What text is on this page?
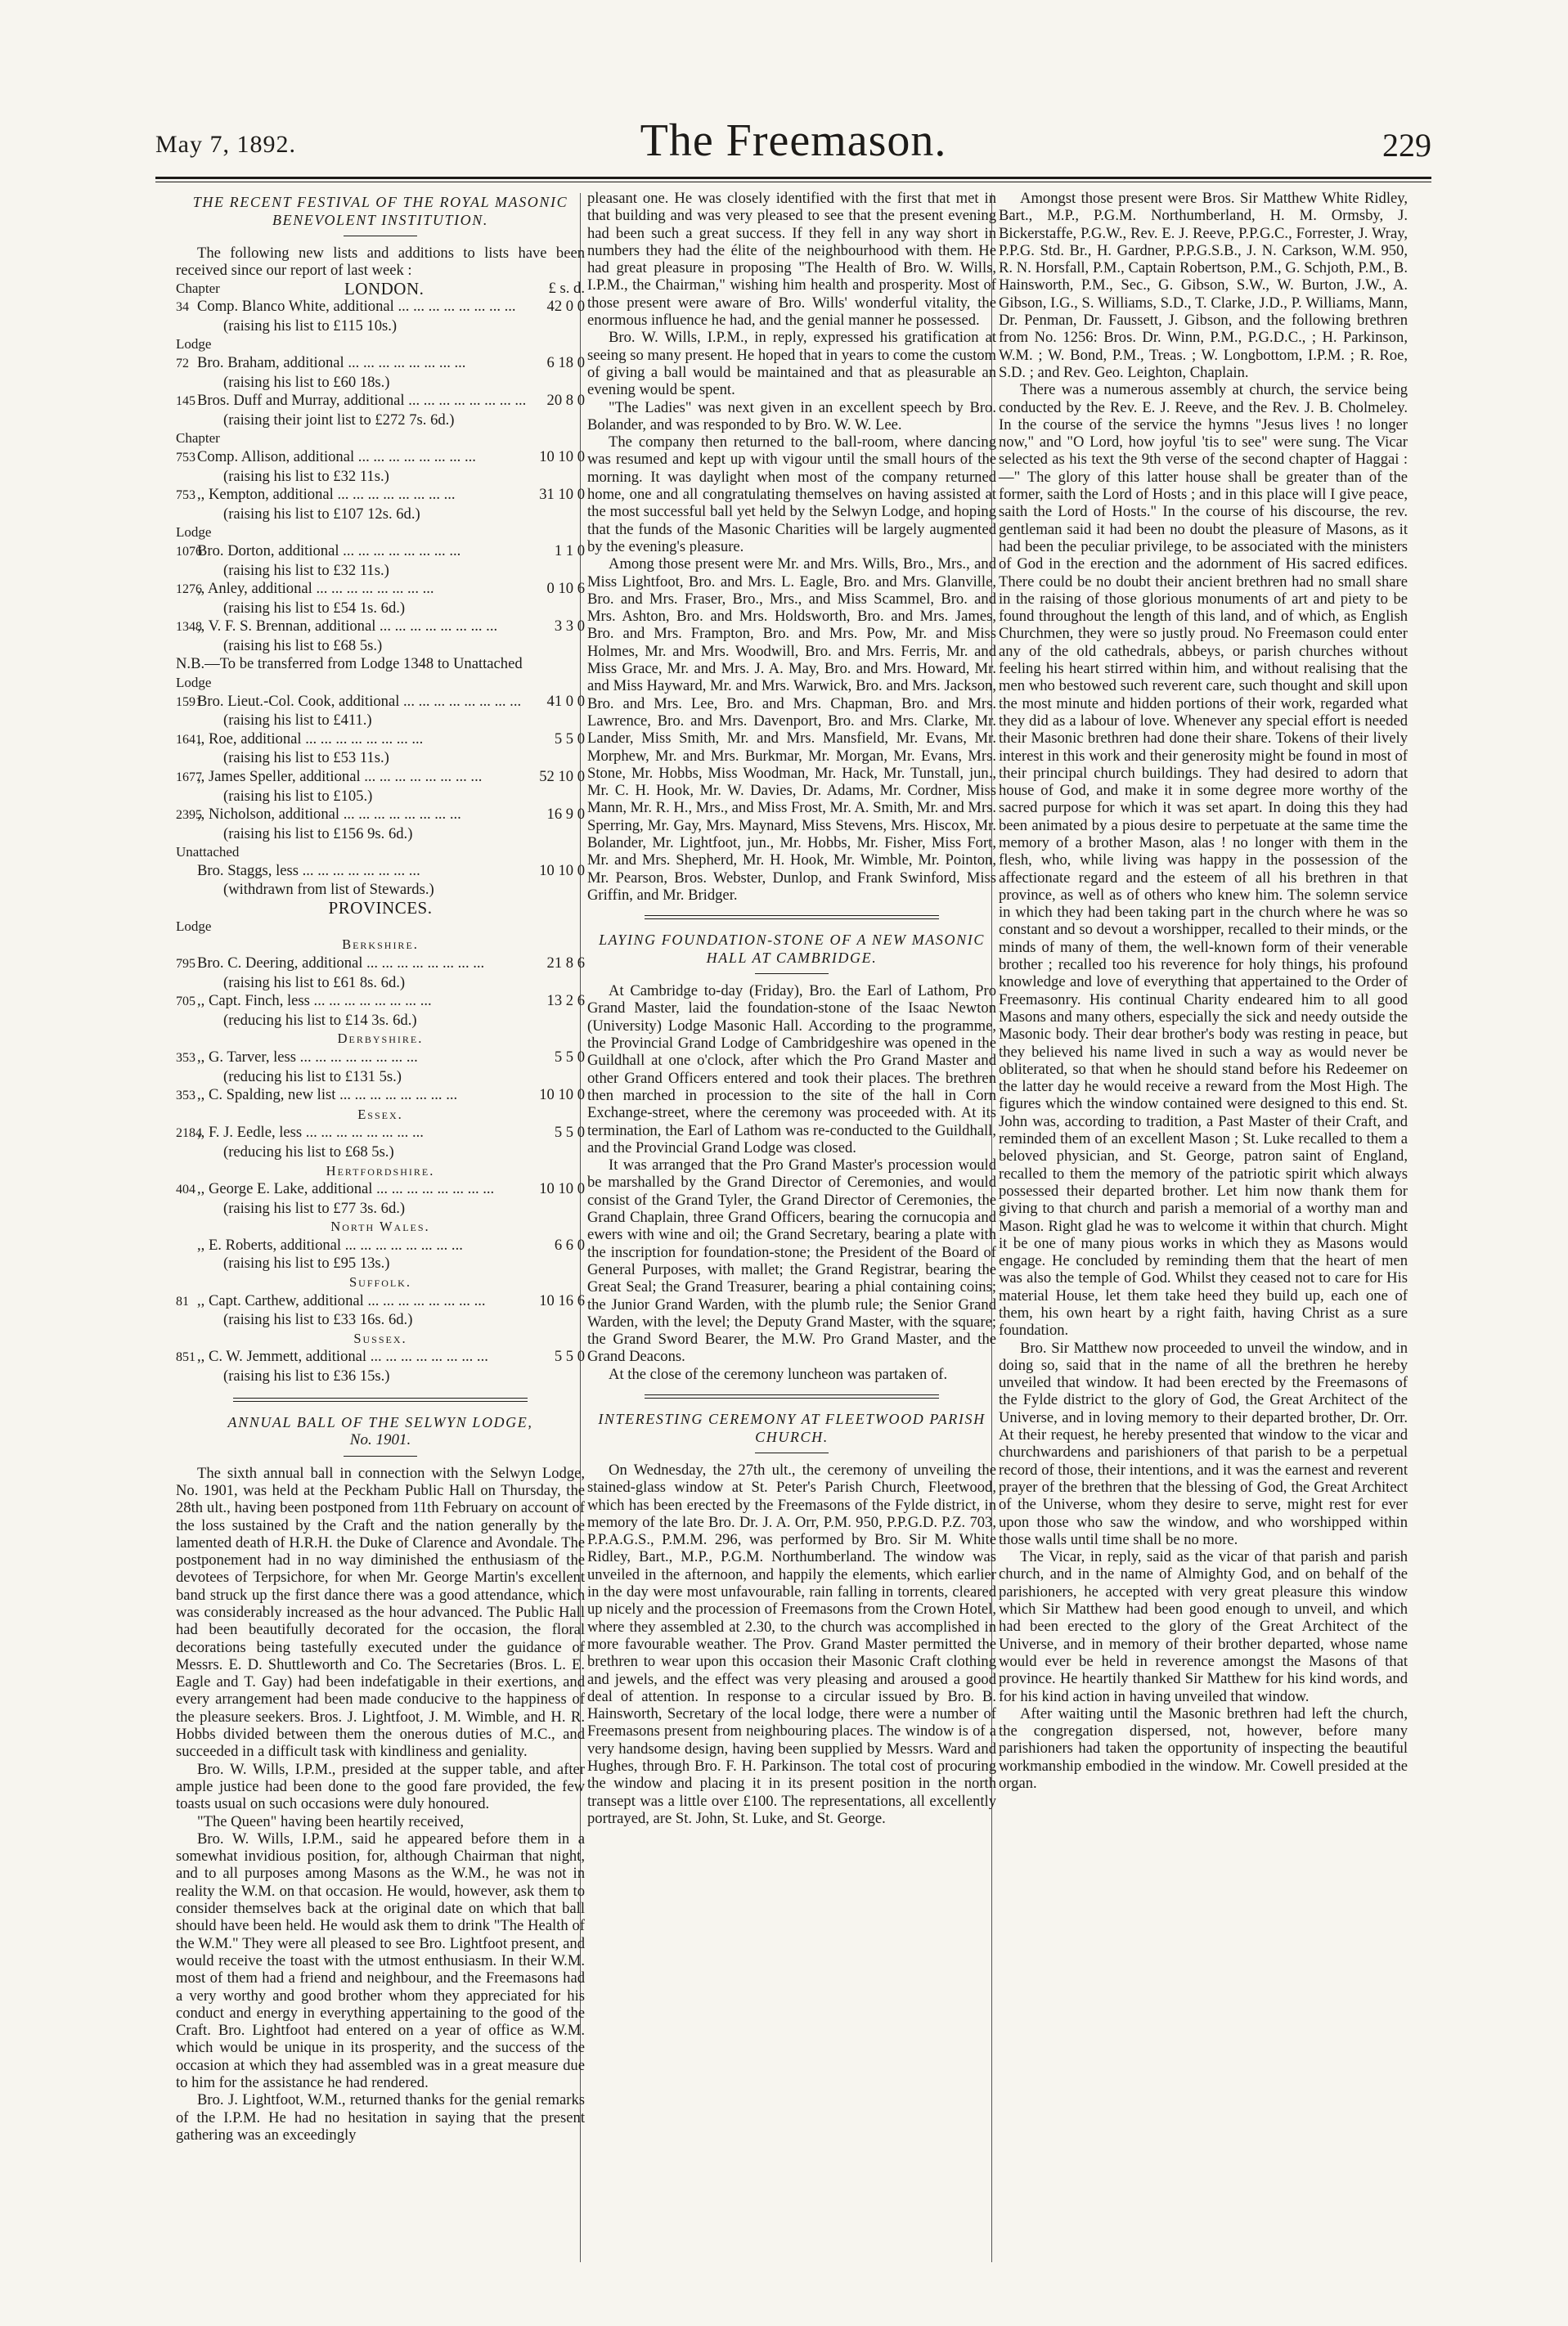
May 7, 1892.	The Freemason.	229
THE RECENT FESTIVAL OF THE ROYAL MASONIC BENEVOLENT INSTITUTION.

The following new lists and additions to lists have been received since our report of last week :

Chapter	LONDON.	£ s. d.
34 Comp. Blanco White, additional ... .	42 0 0
(raising his list to £115 10s.)
Lodge
72 Bro. Braham, additional ... .	6 18 0
(raising his list to £60 18s.)
145 Bros. Duff and Murray, additional ... .	20 8 0
(raising their joint list to £272 7s. 6d.)
Chapter
753 Comp. Allison, additional ... .	10 10 0
(raising his list to £32 11s.)
753 ,, Kempton, additional ... .	31 10 0
(raising his list to £107 12s. 6d.)
Lodge
1076
Bro. Dorton, additional ... .	1 1 0
(raising his list to £32 11s.)
1276
,, Anley, additional ... .	0 10 6
(raising his list to £54 1s. 6d.)
1348
,, V. F. S. Brennan, additional ... .	3 3 0
(raising his list to £68 5s.)
N.B.—To be transferred from Lodge 1348 to Unattached
Lodge
1591
Bro. Lieut.-Col. Cook, additional ... .	41 0 0
(raising his list to £411.)
1641
,, Roe, additional ... .	5 5 0
(raising his list to £53 11s.)
1677
,, James Speller, additional ... .	52 10 0
(raising his list to £105.)
2395
,, Nicholson, additional ... .	16 9 0
(raising his list to £156 9s. 6d.)
Unattached
Bro. Staggs, less ... .	10 10 0
(withdrawn from list of Stewards.)
PROVINCES.
Lodge
Berkshire.
795 Bro. C. Deering, additional ... .	21 8 6
(raising his list to £61 8s. 6d.)
705 ,, Capt. Finch, less ... .	13 2 6
(reducing his list to £14 3s. 6d.)
Derbyshire.
353 ,, G. Tarver, less ... .	5 5 0
(reducing his list to £131 5s.)
353 ,, C. Spalding, new list ... .	10 10 0
Essex.
2184
,, F. J. Eedle, less ... .	5 5 0
(reducing his list to £68 5s.)
Hertfordshire.
404 ,, George E. Lake, additional ... .	10 10 0
(raising his list to £77 3s. 6d.)
North Wales.
,, E. Roberts, additional ... .	6 6 0
(raising his list to £95 13s.)
Suffolk.
81 ,, Capt. Carthew, additional ... .	10 16 6
(raising his list to £33 16s. 6d.)
Sussex.
851 ,, C. W. Jemmett, additional ... .	5 5 0
(raising his list to £36 15s.)
ANNUAL BALL OF THE SELWYN LODGE,
No. 1901.

The sixth annual ball in connection with the Selwyn Lodge, No. 1901, was held at the Peckham Public Hall on Thursday, the 28th ult., having been postponed from 11th February on account of the loss sustained by the Craft and the nation generally by the lamented death of H.R.H. the Duke of Clarence and Avondale. The postponement had in no way diminished the enthusiasm of the devotees of Terpsichore, for when Mr. George Martin's excellent band struck up the first dance there was a good attendance, which was considerably increased as the hour advanced. The Public Hall had been beautifully decorated for the occasion, the floral decorations being tastefully executed under the guidance of Messrs. E. D. Shuttleworth and Co. The Secretaries (Bros. L. E. Eagle and T. Gay) had been indefatigable in their exertions, and every arrangement had been made conducive to the happiness of the pleasure seekers. Bros. J. Lightfoot, J. M. Wimble, and H. R. Hobbs divided between them the onerous duties of M.C., and succeeded in a difficult task with kindliness and geniality.

Bro. W. Wills, I.P.M., presided at the supper table, and after ample justice had been done to the good fare provided, the few toasts usual on such occasions were duly honoured.

"The Queen" having been heartily received,

Bro. W. Wills, I.P.M., said he appeared before them in a somewhat invidious position, for, although Chairman that night, and to all purposes among Masons as the W.M., he was not in reality the W.M. on that occasion. He would, however, ask them to consider themselves back at the original date on which that ball should have been held. He would ask them to drink "The Health of the W.M." They were all pleased to see Bro. Lightfoot present, and would receive the toast with the utmost enthusiasm. In their W.M. most of them had a friend and neighbour, and the Freemasons had a very worthy and good brother whom they appreciated for his conduct and energy in everything appertaining to the good of the Craft. Bro. Lightfoot had entered on a year of office as W.M. which would be unique in its prosperity, and the success of the occasion at which they had assembled was in a great measure due to him for the assistance he had rendered.

Bro. J. Lightfoot, W.M., returned thanks for the genial remarks of the I.P.M. He had no hesitation in saying that the present gathering was an exceedingly

pleasant one. He was closely identified with the first that met in that building and was very pleased to see that the present evening had been such a great success. If they fell in any way short in numbers they had the élite of the neighbourhood with them. He had great pleasure in proposing "The Health of Bro. W. Wills, I.P.M., the Chairman," wishing him health and prosperity. Most of those present were aware of Bro. Wills' wonderful vitality, the enormous influence he had, and the genial manner he possessed.

Bro. W. Wills, I.P.M., in reply, expressed his gratification at seeing so many present. He hoped that in years to come the custom of giving a ball would be maintained and that as pleasurable an evening would be spent.

"The Ladies" was next given in an excellent speech by Bro. Bolander, and was responded to by Bro. W. W. Lee.

The company then returned to the ball-room, where dancing was resumed and kept up with vigour until the small hours of the morning. It was daylight when most of the company returned home, one and all congratulating themselves on having assisted at the most successful ball yet held by the Selwyn Lodge, and hoping that the funds of the Masonic Charities will be largely augmented by the evening's pleasure.

Among those present were Mr. and Mrs. Wills, Bro., Mrs., and Miss Lightfoot, Bro. and Mrs. L. Eagle, Bro. and Mrs. Glanville, Bro. and Mrs. Fraser, Bro., Mrs., and Miss Scammel, Bro. and Mrs. Ashton, Bro. and Mrs. Holdsworth, Bro. and Mrs. James, Bro. and Mrs. Frampton, Bro. and Mrs. Pow, Mr. and Miss Holmes, Mr. and Mrs. Woodwill, Bro. and Mrs. Ferris, Mr. and Miss Grace, Mr. and Mrs. J. A. May, Bro. and Mrs. Howard, Mr. and Miss Hayward, Mr. and Mrs. Warwick, Bro. and Mrs. Jackson, Bro. and Mrs. Lee, Bro. and Mrs. Chapman, Bro. and Mrs. Lawrence, Bro. and Mrs. Davenport, Bro. and Mrs. Clarke, Mr. Lander, Miss Smith, Mr. and Mrs. Mansfield, Mr. Evans, Mr. Morphew, Mr. and Mrs. Burkmar, Mr. Morgan, Mr. Evans, Mrs. Stone, Mr. Hobbs, Miss Woodman, Mr. Hack, Mr. Tunstall, jun., Mr. C. H. Hook, Mr. W. Davies, Dr. Adams, Mr. Cordner, Miss Mann, Mr. R. H., Mrs., and Miss Frost, Mr. A. Smith, Mr. and Mrs. Sperring, Mr. Gay, Mrs. Maynard, Miss Stevens, Mrs. Hiscox, Mr. Bolander, Mr. Lightfoot, jun., Mr. Hobbs, Mr. Fisher, Miss Fort, Mr. and Mrs. Shepherd, Mr. H. Hook, Mr. Wimble, Mr. Pointon, Mr. Pearson, Bros. Webster, Dunlop, and Frank Swinford, Miss Griffin, and Mr. Bridger.

LAYING FOUNDATION-STONE OF A NEW MASONIC HALL AT CAMBRIDGE.

At Cambridge to-day (Friday), Bro. the Earl of Lathom, Pro Grand Master, laid the foundation-stone of the Isaac Newton (University) Lodge Masonic Hall. According to the programme, the Provincial Grand Lodge of Cambridgeshire was opened in the Guildhall at one o'clock, after which the Pro Grand Master and other Grand Officers entered and took their places. The brethren then marched in procession to the site of the hall in Corn Exchange-street, where the ceremony was proceeded with. At its termination, the Earl of Lathom was re-conducted to the Guildhall, and the Provincial Grand Lodge was closed.

It was arranged that the Pro Grand Master's procession would be marshalled by the Grand Director of Ceremonies, and would consist of the Grand Tyler, the Grand Director of Ceremonies, the Grand Chaplain, three Grand Officers, bearing the cornucopia and ewers with wine and oil; the Grand Secretary, bearing a plate with the inscription for foundation-stone; the President of the Board of General Purposes, with mallet; the Grand Registrar, bearing the Great Seal; the Grand Treasurer, bearing a phial containing coins; the Junior Grand Warden, with the plumb rule; the Senior Grand Warden, with the level; the Deputy Grand Master, with the square; the Grand Sword Bearer, the M.W. Pro Grand Master, and the Grand Deacons.

At the close of the ceremony luncheon was partaken of.

INTERESTING CEREMONY AT FLEETWOOD PARISH CHURCH.

On Wednesday, the 27th ult., the ceremony of unveiling the stained-glass window at St. Peter's Parish Church, Fleetwood, which has been erected by the Freemasons of the Fylde district, in memory of the late Bro. Dr. J. A. Orr, P.M. 950, P.P.G.D. P.Z. 703, P.P.A.G.S., P.M.M. 296, was performed by Bro. Sir M. White Ridley, Bart., M.P., P.G.M. Northumberland. The window was unveiled in the afternoon, and happily the elements, which earlier in the day were most unfavourable, rain falling in torrents, cleared up nicely and the procession of Freemasons from the Crown Hotel, where they assembled at 2.30, to the church was accomplished in more favourable weather. The Prov. Grand Master permitted the brethren to wear upon this occasion their Masonic Craft clothing and jewels, and the effect was very pleasing and aroused a good deal of attention. In response to a circular issued by Bro. B. Hainsworth, Secretary of the local lodge, there were a number of Freemasons present from neighbouring places. The window is of a very handsome design, having been supplied by Messrs. Ward and Hughes, through Bro. F. H. Parkinson. The total cost of procuring the window and placing it in its present position in the north transept was a little over £100. The representations, all excellently portrayed, are St. John, St. Luke, and St. George.

Amongst those present were Bros. Sir Matthew White Ridley, Bart., M.P., P.G.M. Northumberland, H. M. Ormsby, J. Bickerstaffe, P.G.W., Rev. E. J. Reeve, P.P.G.C., Forrester, J. Wray, P.P.G. Std. Br., H. Gardner, P.P.G.S.B., J. N. Carkson, W.M. 950, R. N. Horsfall, P.M., Captain Robertson, P.M., G. Schjoth, P.M., B. Hainsworth, P.M., Sec., G. Gibson, S.W., W. Burton, J.W., A. Gibson, I.G., S. Williams, S.D., T. Clarke, J.D., P. Williams, Mann, Dr. Penman, Dr. Faussett, J. Gibson, and the following brethren from No. 1256: Bros. Dr. Winn, P.M., P.G.D.C., ; H. Parkinson, W.M. ; W. Bond, P.M., Treas. ; W. Longbottom, I.P.M. ; R. Roe, S.D. ; and Rev. Geo. Leighton, Chaplain.

There was a numerous assembly at church, the service being conducted by the Rev. E. J. Reeve, and the Rev. J. B. Cholmeley. In the course of the service the hymns "Jesus lives ! no longer now," and "O Lord, how joyful 'tis to see" were sung. The Vicar selected as his text the 9th verse of the second chapter of Haggai :—" The glory of this latter house shall be greater than of the former, saith the Lord of Hosts ; and in this place will I give peace, saith the Lord of Hosts." In the course of his discourse, the rev. gentleman said it had been no doubt the pleasure of Masons, as it had been the peculiar privilege, to be associated with the ministers of God in the erection and the adornment of His sacred edifices. There could be no doubt their ancient brethren had no small share in the raising of those glorious monuments of art and piety to be found throughout the length of this land, and of which, as English Churchmen, they were so justly proud. No Freemason could enter any of the old cathedrals, abbeys, or parish churches without feeling his heart stirred within him, and without realising that the men who bestowed such reverent care, such thought and skill upon the most minute and hidden portions of their work, regarded what they did as a labour of love. Whenever any special effort is needed their Masonic brethren had done their share. Tokens of their lively interest in this work and their generosity might be found in most of their principal church buildings. They had desired to adorn that house of God, and make it in some degree more worthy of the sacred purpose for which it was set apart. In doing this they had been animated by a pious desire to perpetuate at the same time the memory of a brother Mason, alas ! no longer with them in the flesh, who, while living was happy in the possession of the affectionate regard and the esteem of all his brethren in that province, as well as of others who knew him. The solemn service in which they had been taking part in the church where he was so constant and so devout a worshipper, recalled to their minds, or the minds of many of them, the well-known form of their venerable brother ; recalled too his reverence for holy things, his profound knowledge and love of everything that appertained to the Order of Freemasonry. His continual Charity endeared him to all good Masons and many others, especially the sick and needy outside the Masonic body. Their dear brother's body was resting in peace, but they believed his name lived in such a way as would never be obliterated, so that when he should stand before his Redeemer on the latter day he would receive a reward from the Most High. The figures which the window contained were designed to this end. St. John was, according to tradition, a Past Master of their Craft, and reminded them of an excellent Mason ; St. Luke recalled to them a beloved physician, and St. George, patron saint of England, recalled to them the memory of the patriotic spirit which always possessed their departed brother. Let him now thank them for giving to that church and parish a memorial of a worthy man and Mason. Right glad he was to welcome it within that church. Might it be one of many pious works in which they as Masons would engage. He concluded by reminding them that the heart of men was also the temple of God. Whilst they ceased not to care for His material House, let them take heed they build up, each one of them, his own heart by a right faith, having Christ as a sure foundation.

Bro. Sir Matthew now proceeded to unveil the window, and in doing so, said that in the name of all the brethren he hereby unveiled that window. It had been erected by the Freemasons of the Fylde district to the glory of God, the Great Architect of the Universe, and in loving memory to their departed brother, Dr. Orr. At their request, he hereby presented that window to the vicar and churchwardens and parishioners of that parish to be a perpetual record of those, their intentions, and it was the earnest and reverent prayer of the brethren that the blessing of God, the Great Architect of the Universe, whom they desire to serve, might rest for ever upon those who saw the window, and who worshipped within those walls until time shall be no more.

The Vicar, in reply, said as the vicar of that parish and parish church, and in the name of Almighty God, and on behalf of the parishioners, he accepted with very great pleasure this window which Sir Matthew had been good enough to unveil, and which had been erected to the glory of the Great Architect of the Universe, and in memory of their brother departed, whose name would ever be held in reverence amongst the Masons of that province. He heartily thanked Sir Matthew for his kind words, and for his kind action in having unveiled that window.

After waiting until the Masonic brethren had left the church, the congregation dispersed, not, however, before many parishioners had taken the opportunity of inspecting the beautiful workmanship embodied in the window. Mr. Cowell presided at the organ.
